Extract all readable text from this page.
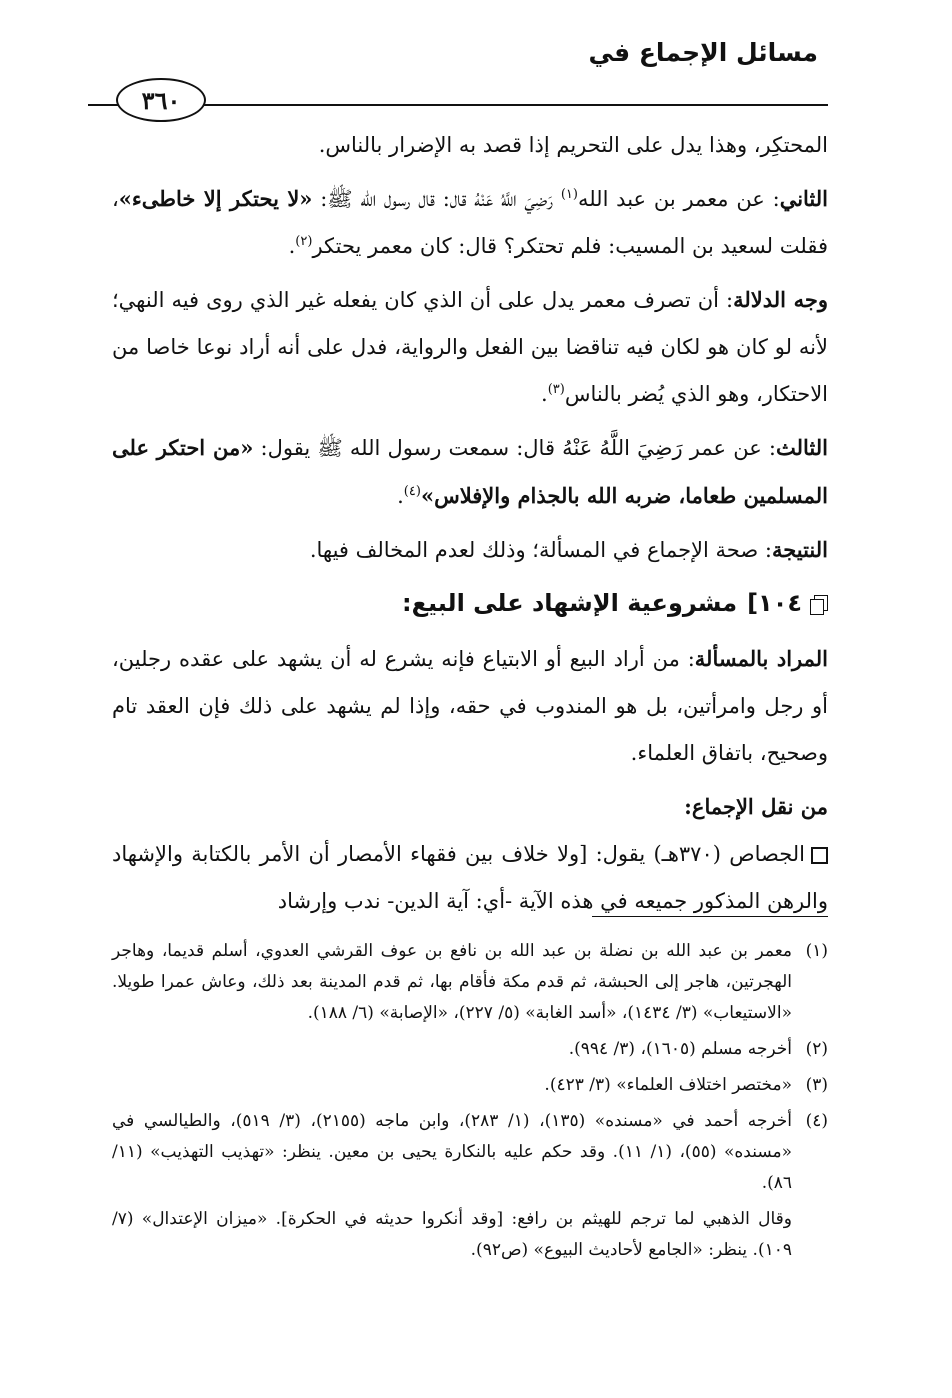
مسائل الإجماع في
٣٦٠

المحتكِر، وهذا يدل على التحريم إذا قصد به الإضرار بالناس.

الثاني: عن معمر بن عبد الله$^{(١)}$ رَضِيَ اللَّهُ عَنْهُ قال: قال رسول الله ﷺ: «لا يحتكر إلا خاطىء»، فقلت لسعيد بن المسيب: فلم تحتكر؟ قال: كان معمر يحتكر$^{(٢)}$.

وجه الدلالة: أن تصرف معمر يدل على أن الذي كان يفعله غير الذي روى فيه النهي؛ لأنه لو كان هو لكان فيه تناقضا بين الفعل والرواية، فدل على أنه أراد نوعا خاصا من الاحتكار، وهو الذي يُضر بالناس$^{(٣)}$.

الثالث: عن عمر رَضِيَ اللَّهُ عَنْهُ قال: سمعت رسول الله ﷺ يقول: «من احتكر على المسلمين طعاما، ضربه الله بالجذام والإفلاس»$^{(٤)}$.

النتيجة: صحة الإجماع في المسألة؛ وذلك لعدم المخالف فيها.

١٠٤]
مشروعية الإشهاد على البيع:

المراد بالمسألة: من أراد البيع أو الابتياع فإنه يشرع له أن يشهد على عقده رجلين، أو رجل وامرأتين، بل هو المندوب في حقه، وإذا لم يشهد على ذلك فإن العقد تام وصحيح، باتفاق العلماء.

من نقل الإجماع:

الجصاص (٣٧٠هـ) يقول: [ولا خلاف بين فقهاء الأمصار أن الأمر بالكتابة والإشهاد والرهن المذكور جميعه في هذه الآية -أي: آية الدين- ندب وإرشاد

(١)معمر بن عبد الله بن نضلة بن عبد الله بن نافع بن عوف القرشي العدوي، أسلم قديما، وهاجر الهجرتين، هاجر إلى الحبشة، ثم قدم مكة فأقام بها، ثم قدم المدينة بعد ذلك، وعاش عمرا طويلا. «الاستيعاب» (٣/ ١٤٣٤)، «أسد الغابة» (٥/ ٢٢٧)، «الإصابة» (٦/ ١٨٨).

(٢)أخرجه مسلم (١٦٠٥)، (٣/ ٩٩٤).

(٣)«مختصر اختلاف العلماء» (٣/ ٤٢٣).

(٤)أخرجه أحمد في «مسنده» (١٣٥)، (١/ ٢٨٣)، وابن ماجه (٢١٥٥)، (٣/ ٥١٩)، والطيالسي في «مسنده» (٥٥)، (١/ ١١). وقد حكم عليه بالنكارة يحيى بن معين. ينظر: «تهذيب التهذيب» (١١/ ٨٦).

وقال الذهبي لما ترجم للهيثم بن رافع: [وقد أنكروا حديثه في الحكرة]. «ميزان الإعتدال» (٧/ ١٠٩). ينظر: «الجامع لأحاديث البيوع» (ص٩٢).
